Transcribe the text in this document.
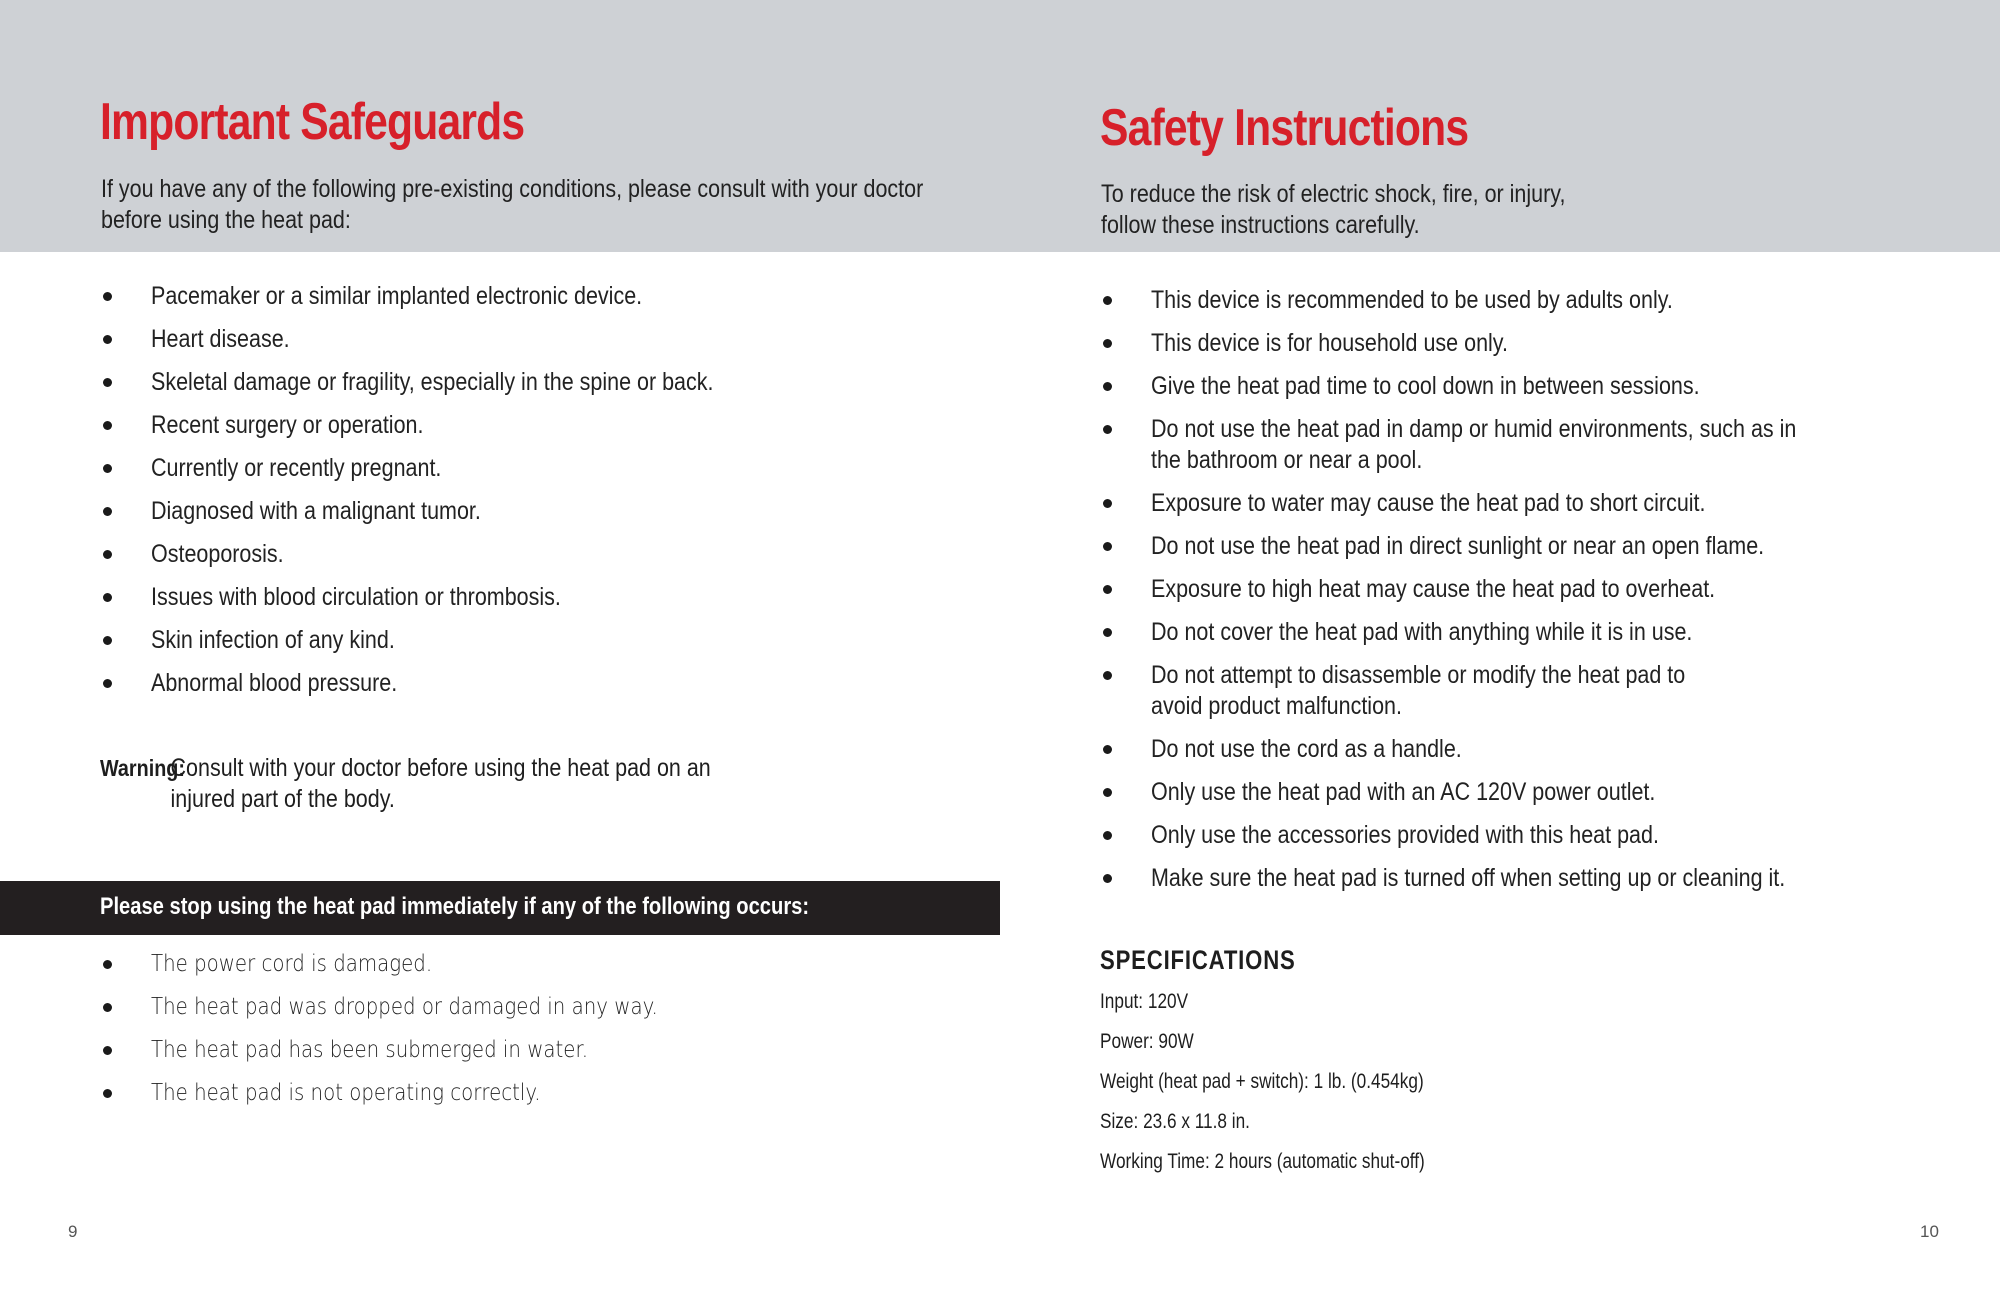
Important Safeguards

If you have any of the following pre-existing conditions, please consult with your doctor before using the heat pad:

Pacemaker or a similar implanted electronic device.
Heart disease.
Skeletal damage or fragility, especially in the spine or back.
Recent surgery or operation.
Currently or recently pregnant.
Diagnosed with a malignant tumor.
Osteoporosis.
Issues with blood circulation or thrombosis.
Skin infection of any kind.
Abnormal blood pressure.
Warning:
Consult with your doctor before using the heat pad on an injured part of the body.
Please stop using the heat pad immediately if any of the following occurs:
The power cord is damaged.
The heat pad was dropped or damaged in any way.
The heat pad has been submerged in water.
The heat pad is not operating correctly.
9
Safety Instructions

To reduce the risk of electric shock, fire, or injury, follow these instructions carefully.

This device is recommended to be used by adults only.
This device is for household use only.
Give the heat pad time to cool down in between sessions.
Do not use the heat pad in damp or humid environments, such as in the bathroom or near a pool.
Exposure to water may cause the heat pad to short circuit.
Do not use the heat pad in direct sunlight or near an open flame.
Exposure to high heat may cause the heat pad to overheat.
Do not cover the heat pad with anything while it is in use.
Do not attempt to disassemble or modify the heat pad to avoid product malfunction.
Do not use the cord as a handle.
Only use the heat pad with an AC 120V power outlet.
Only use the accessories provided with this heat pad.
Make sure the heat pad is turned off when setting up or cleaning it.
SPECIFICATIONS
Input: 120V
Power: 90W
Weight (heat pad + switch): 1 lb. (0.454kg)
Size: 23.6 x 11.8 in.
Working Time: 2 hours (automatic shut-off)
10
